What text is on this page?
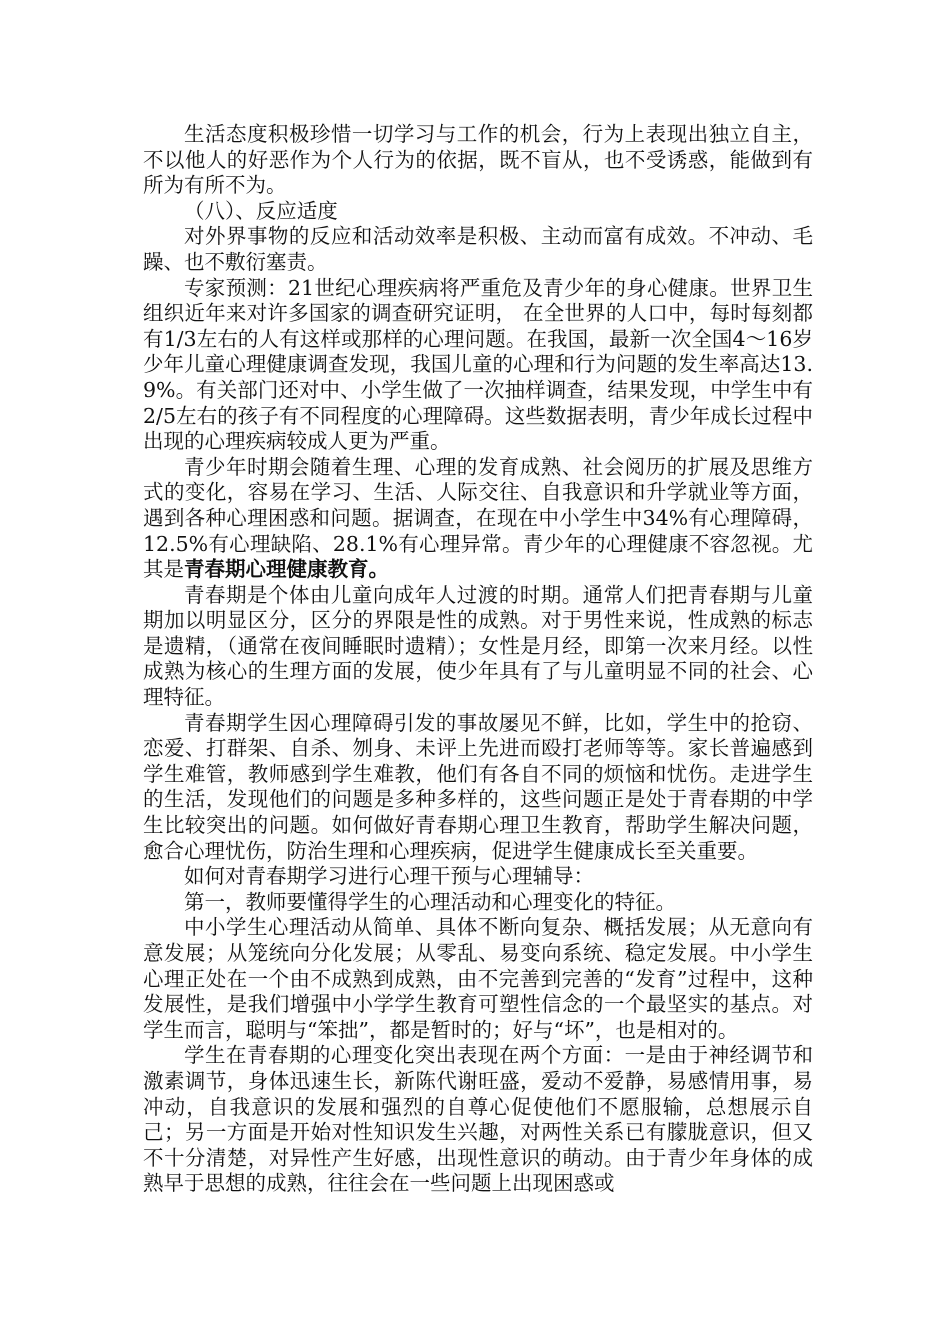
生活态度积极珍惜一切学习与工作的机会，行为上表现出独立自主，不以他人的好恶作为个人行为的依据，既不盲从，也不受诱惑，能做到有所为有所不为。

（八）、反应适度

对外界事物的反应和活动效率是积极、主动而富有成效。不冲动、毛躁、也不敷衍塞责。

专家预测：21世纪心理疾病将严重危及青少年的身心健康。世界卫生组织近年来对许多国家的调查研究证明， 在全世界的人口中，每时每刻都有1/3左右的人有这样或那样的心理问题。在我国，最新一次全国4～16岁少年儿童心理健康调查发现，我国儿童的心理和行为问题的发生率高达13.9%。有关部门还对中、小学生做了一次抽样调查，结果发现，中学生中有2/5左右的孩子有不同程度的心理障碍。这些数据表明，青少年成长过程中出现的心理疾病较成人更为严重。

青少年时期会随着生理、心理的发育成熟、社会阅历的扩展及思维方式的变化，容易在学习、生活、人际交往、自我意识和升学就业等方面，遇到各种心理困惑和问题。据调查，在现在中小学生中34%有心理障碍，12.5%有心理缺陷、28.1%有心理异常。青少年的心理健康不容忽视。尤其是青春期心理健康教育。

青春期是个体由儿童向成年人过渡的时期。通常人们把青春期与儿童期加以明显区分，区分的界限是性的成熟。对于男性来说，性成熟的标志是遗精，（通常在夜间睡眠时遗精）；女性是月经，即第一次来月经。以性成熟为核心的生理方面的发展，使少年具有了与儿童明显不同的社会、心理特征。

青春期学生因心理障碍引发的事故屡见不鲜，比如，学生中的抢窃、恋爱、打群架、自杀、刎身、未评上先进而殴打老师等等。家长普遍感到学生难管，教师感到学生难教，他们有各自不同的烦恼和忧伤。走进学生的生活，发现他们的问题是多种多样的，这些问题正是处于青春期的中学生比较突出的问题。如何做好青春期心理卫生教育，帮助学生解决问题，愈合心理忧伤，防治生理和心理疾病，促进学生健康成长至关重要。

如何对青春期学习进行心理干预与心理辅导：

第一，教师要懂得学生的心理活动和心理变化的特征。

中小学生心理活动从简单、具体不断向复杂、概括发展；从无意向有意发展；从笼统向分化发展；从零乱、易变向系统、稳定发展。中小学生心理正处在一个由不成熟到成熟，由不完善到完善的“发育”过程中，这种发展性，是我们增强中小学学生教育可塑性信念的一个最坚实的基点。对学生而言，聪明与“笨拙”，都是暂时的；好与“坏”，也是相对的。

学生在青春期的心理变化突出表现在两个方面：一是由于神经调节和激素调节，身体迅速生长，新陈代谢旺盛，爱动不爱静，易感情用事，易冲动，自我意识的发展和强烈的自尊心促使他们不愿服输，总想展示自己；另一方面是开始对性知识发生兴趣，对两性关系已有朦胧意识，但又不十分清楚，对异性产生好感，出现性意识的萌动。由于青少年身体的成熟早于思想的成熟，往往会在一些问题上出现困惑或
